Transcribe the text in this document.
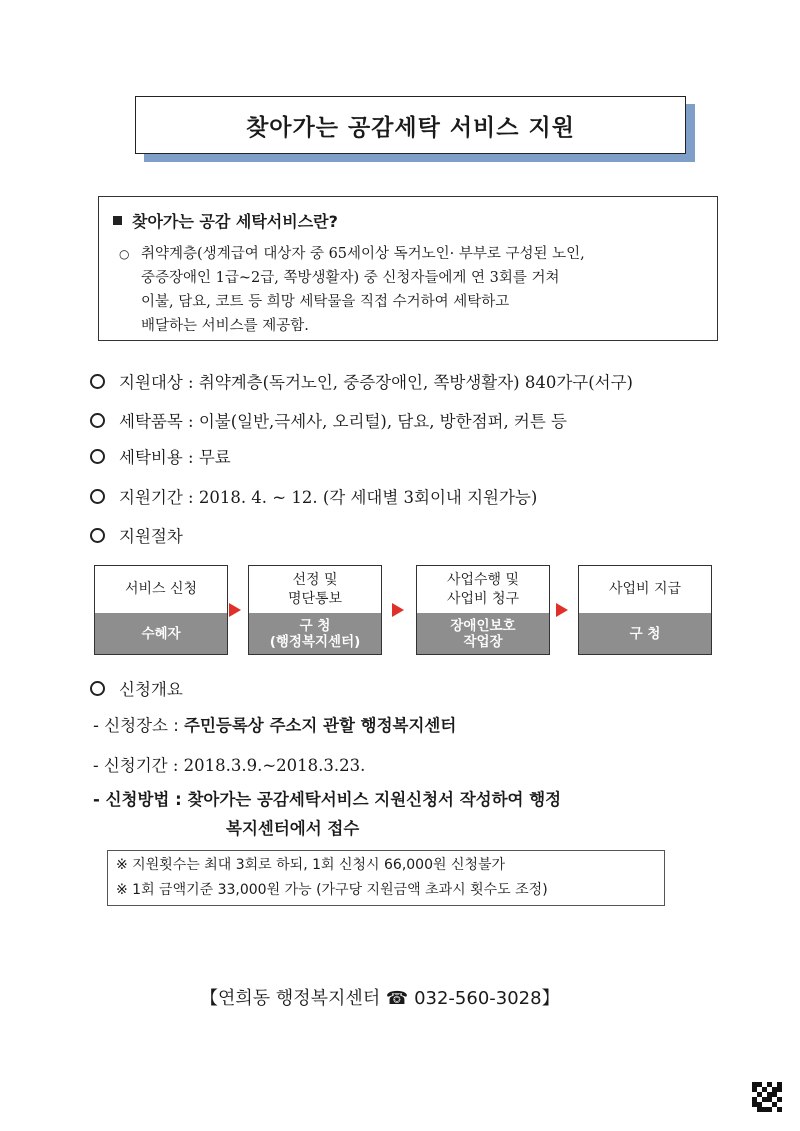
찾아가는 공감세탁 서비스 지원
찾아가는 공감 세탁서비스란?
○ 취약계층(생계급여 대상자 중 65세이상 독거노인· 부부로 구성된 노인,
중증장애인 1급~2급, 쪽방생활자) 중 신청자들에게 연 3회를 거쳐
이불, 담요, 코트 등 희망 세탁물을 직접 수거하여 세탁하고
배달하는 서비스를 제공함.
지원대상 : 취약계층(독거노인, 중증장애인, 쪽방생활자) 840가구(서구)
세탁품목 : 이불(일반,극세사, 오리털), 담요, 방한점퍼, 커튼 등
세탁비용 : 무료
지원기간 : 2018. 4. ~ 12. (각 세대별 3회이내 지원가능)
지원절차
서비스 신청
수혜자
선정 및
명단통보
구 청
(행정복지센터)
사업수행 및
사업비 청구
장애인보호
작업장
사업비 지급
구 청
신청개요
- 신청장소 : 주민등록상 주소지 관할 행정복지센터
- 신청기간 : 2018.3.9.~2018.3.23.
- 신청방법 : 찾아가는 공감세탁서비스 지원신청서 작성하여 행정
복지센터에서 접수
※ 지원횟수는 최대 3회로 하되, 1회 신청시 66,000원 신청불가
※ 1회 금액기준 33,000원 가능 (가구당 지원금액 초과시 횟수도 조정)
【연희동 행정복지센터 ☎ 032-560-3028】
